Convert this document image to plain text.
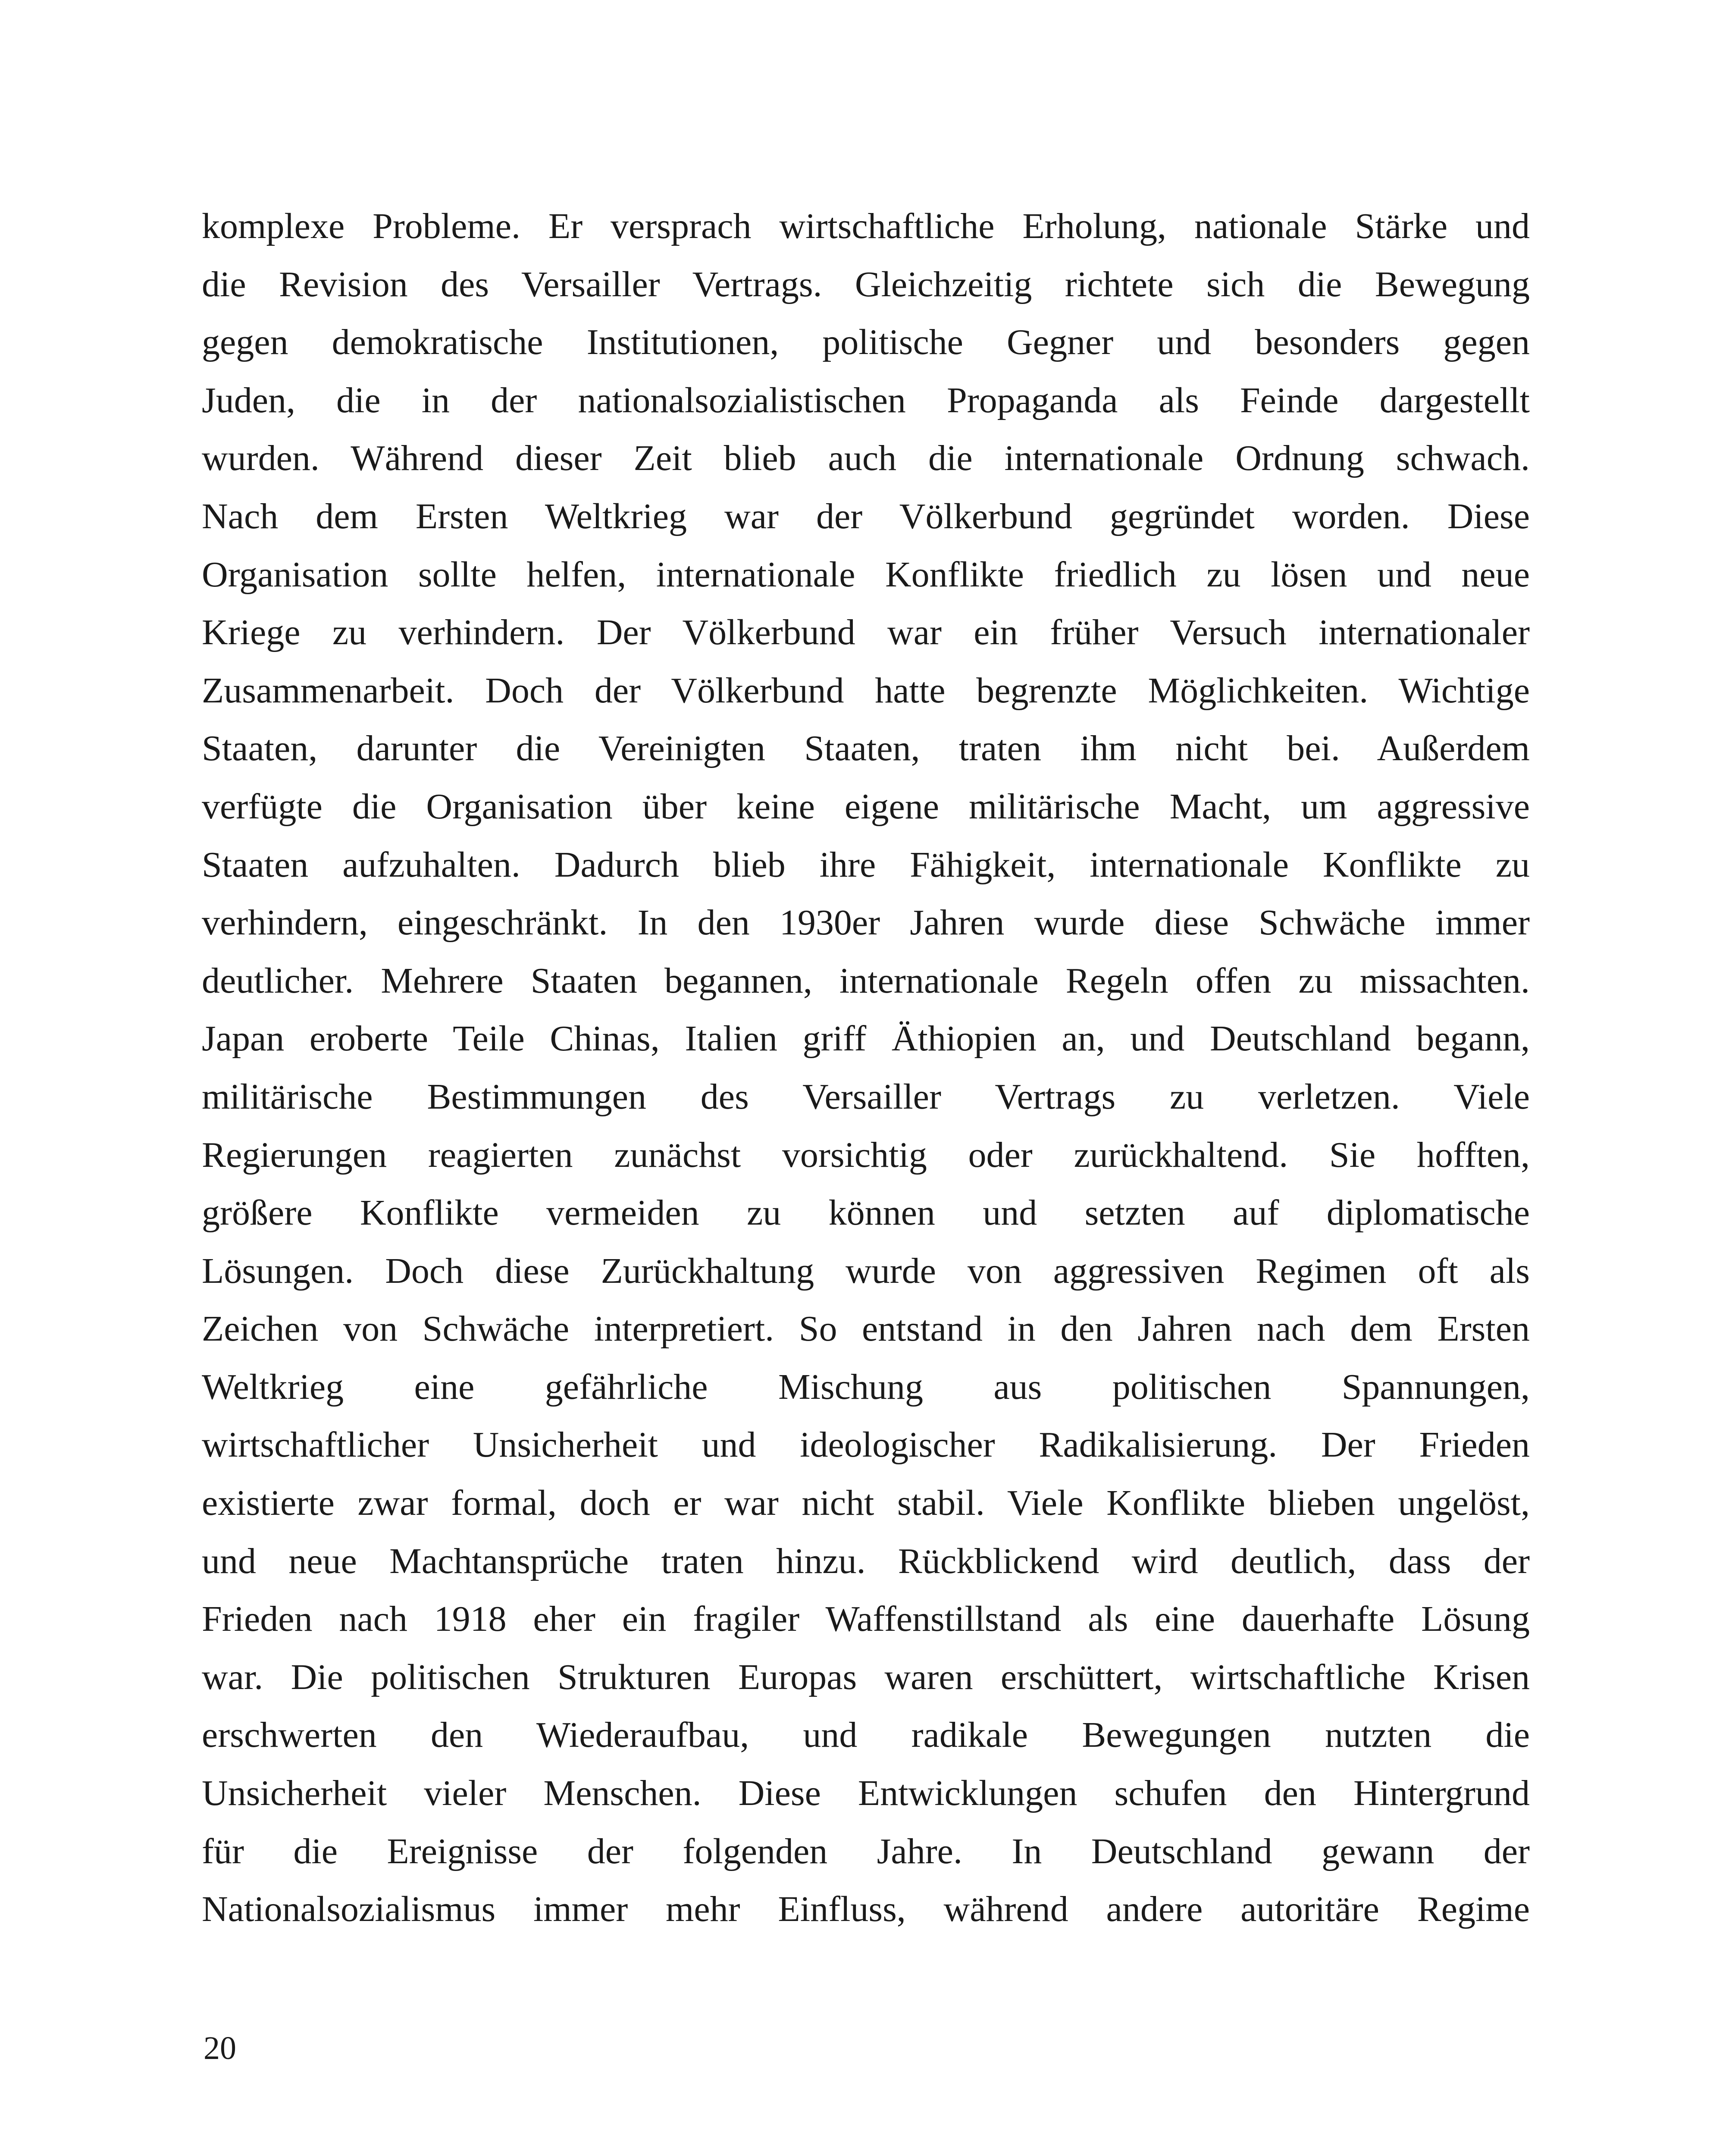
komplexe Probleme. Er versprach wirtschaftliche Erholung, nationale Stärke und
die Revision des Versailler Vertrags. Gleichzeitig richtete sich die Bewegung
gegen demokratische Institutionen, politische Gegner und besonders gegen
Juden, die in der nationalsozialistischen Propaganda als Feinde dargestellt
wurden. Während dieser Zeit blieb auch die internationale Ordnung schwach.
Nach dem Ersten Weltkrieg war der Völkerbund gegründet worden. Diese
Organisation sollte helfen, internationale Konflikte friedlich zu lösen und neue
Kriege zu verhindern. Der Völkerbund war ein früher Versuch internationaler
Zusammenarbeit. Doch der Völkerbund hatte begrenzte Möglichkeiten. Wichtige
Staaten, darunter die Vereinigten Staaten, traten ihm nicht bei. Außerdem
verfügte die Organisation über keine eigene militärische Macht, um aggressive
Staaten aufzuhalten. Dadurch blieb ihre Fähigkeit, internationale Konflikte zu
verhindern, eingeschränkt. In den 1930er Jahren wurde diese Schwäche immer
deutlicher. Mehrere Staaten begannen, internationale Regeln offen zu missachten.
Japan eroberte Teile Chinas, Italien griff Äthiopien an, und Deutschland begann,
militärische Bestimmungen des Versailler Vertrags zu verletzen. Viele
Regierungen reagierten zunächst vorsichtig oder zurückhaltend. Sie hofften,
größere Konflikte vermeiden zu können und setzten auf diplomatische
Lösungen. Doch diese Zurückhaltung wurde von aggressiven Regimen oft als
Zeichen von Schwäche interpretiert. So entstand in den Jahren nach dem Ersten
Weltkrieg eine gefährliche Mischung aus politischen Spannungen,
wirtschaftlicher Unsicherheit und ideologischer Radikalisierung. Der Frieden
existierte zwar formal, doch er war nicht stabil. Viele Konflikte blieben ungelöst,
und neue Machtansprüche traten hinzu. Rückblickend wird deutlich, dass der
Frieden nach 1918 eher ein fragiler Waffenstillstand als eine dauerhafte Lösung
war. Die politischen Strukturen Europas waren erschüttert, wirtschaftliche Krisen
erschwerten den Wiederaufbau, und radikale Bewegungen nutzten die
Unsicherheit vieler Menschen. Diese Entwicklungen schufen den Hintergrund
für die Ereignisse der folgenden Jahre. In Deutschland gewann der
Nationalsozialismus immer mehr Einfluss, während andere autoritäre Regime
20
